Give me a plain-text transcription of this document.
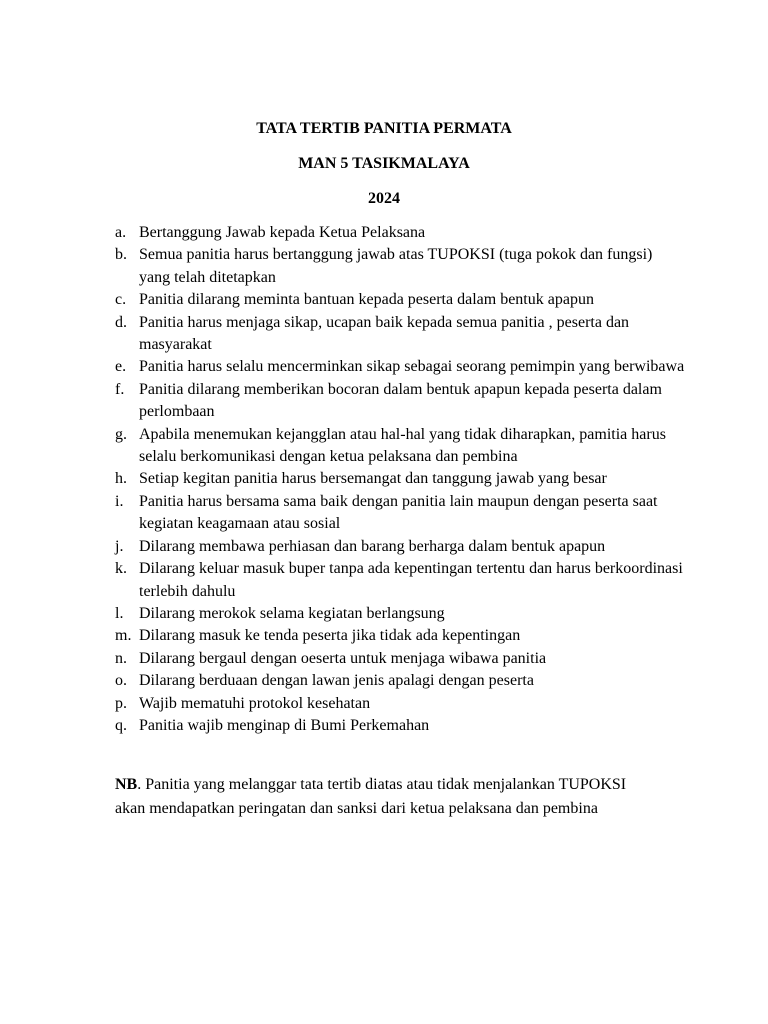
TATA TERTIB PANITIA PERMATA

MAN 5 TASIKMALAYA

2024

a. Bertanggung Jawab kepada Ketua Pelaksana
b. Semua panitia harus bertanggung jawab atas TUPOKSI (tuga pokok dan fungsi) yang telah ditetapkan
c. Panitia dilarang meminta bantuan kepada peserta dalam bentuk apapun
d. Panitia harus menjaga sikap, ucapan baik kepada semua panitia , peserta dan masyarakat
e. Panitia harus selalu mencerminkan sikap sebagai seorang pemimpin yang berwibawa
f. Panitia dilarang memberikan bocoran dalam bentuk apapun kepada peserta dalam perlombaan
g. Apabila menemukan kejangglan atau hal-hal yang tidak diharapkan, pamitia harus selalu berkomunikasi dengan ketua pelaksana dan pembina
h. Setiap kegitan panitia harus bersemangat dan tanggung jawab yang besar
i. Panitia harus bersama sama baik dengan panitia lain maupun dengan peserta saat kegiatan keagamaan atau sosial
j. Dilarang membawa perhiasan dan barang berharga dalam bentuk apapun
k. Dilarang keluar masuk buper tanpa ada kepentingan tertentu dan harus berkoordinasi terlebih dahulu
l. Dilarang merokok selama kegiatan berlangsung
m. Dilarang masuk ke tenda peserta jika tidak ada kepentingan
n. Dilarang bergaul dengan oeserta untuk menjaga wibawa panitia
o. Dilarang berduaan dengan lawan jenis apalagi dengan peserta
p. Wajib mematuhi protokol kesehatan
q. Panitia wajib menginap di Bumi Perkemahan

NB. Panitia yang melanggar tata tertib diatas atau tidak menjalankan TUPOKSI akan mendapatkan peringatan dan sanksi dari ketua pelaksana dan pembina
